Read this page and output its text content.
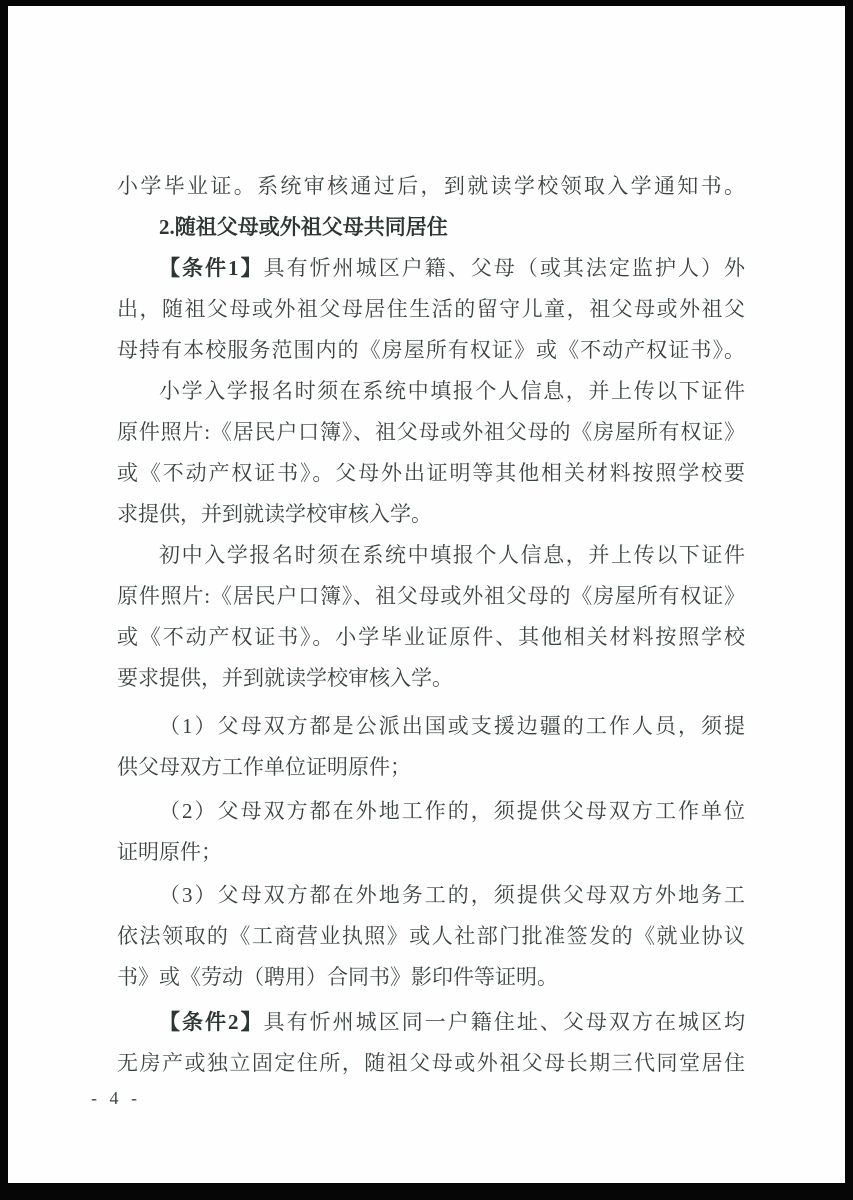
小学毕业证。系统审核通过后，到就读学校领取入学通知书。
2.随祖父母或外祖父母共同居住
【条件1】具有忻州城区户籍、父母（或其法定监护人）外
出，随祖父母或外祖父母居住生活的留守儿童，祖父母或外祖父
母持有本校服务范围内的《房屋所有权证》或《不动产权证书》。
小学入学报名时须在系统中填报个人信息，并上传以下证件
原件照片:《居民户口簿》、祖父母或外祖父母的《房屋所有权证》
或《不动产权证书》。父母外出证明等其他相关材料按照学校要
求提供，并到就读学校审核入学。
初中入学报名时须在系统中填报个人信息，并上传以下证件
原件照片:《居民户口簿》、祖父母或外祖父母的《房屋所有权证》
或《不动产权证书》。小学毕业证原件、其他相关材料按照学校
要求提供，并到就读学校审核入学。
（1）父母双方都是公派出国或支援边疆的工作人员，须提
供父母双方工作单位证明原件；
（2）父母双方都在外地工作的，须提供父母双方工作单位
证明原件；
（3）父母双方都在外地务工的，须提供父母双方外地务工
依法领取的《工商营业执照》或人社部门批准签发的《就业协议
书》或《劳动（聘用）合同书》影印件等证明。
【条件2】具有忻州城区同一户籍住址、父母双方在城区均
无房产或独立固定住所，随祖父母或外祖父母长期三代同堂居住
- 4 -
